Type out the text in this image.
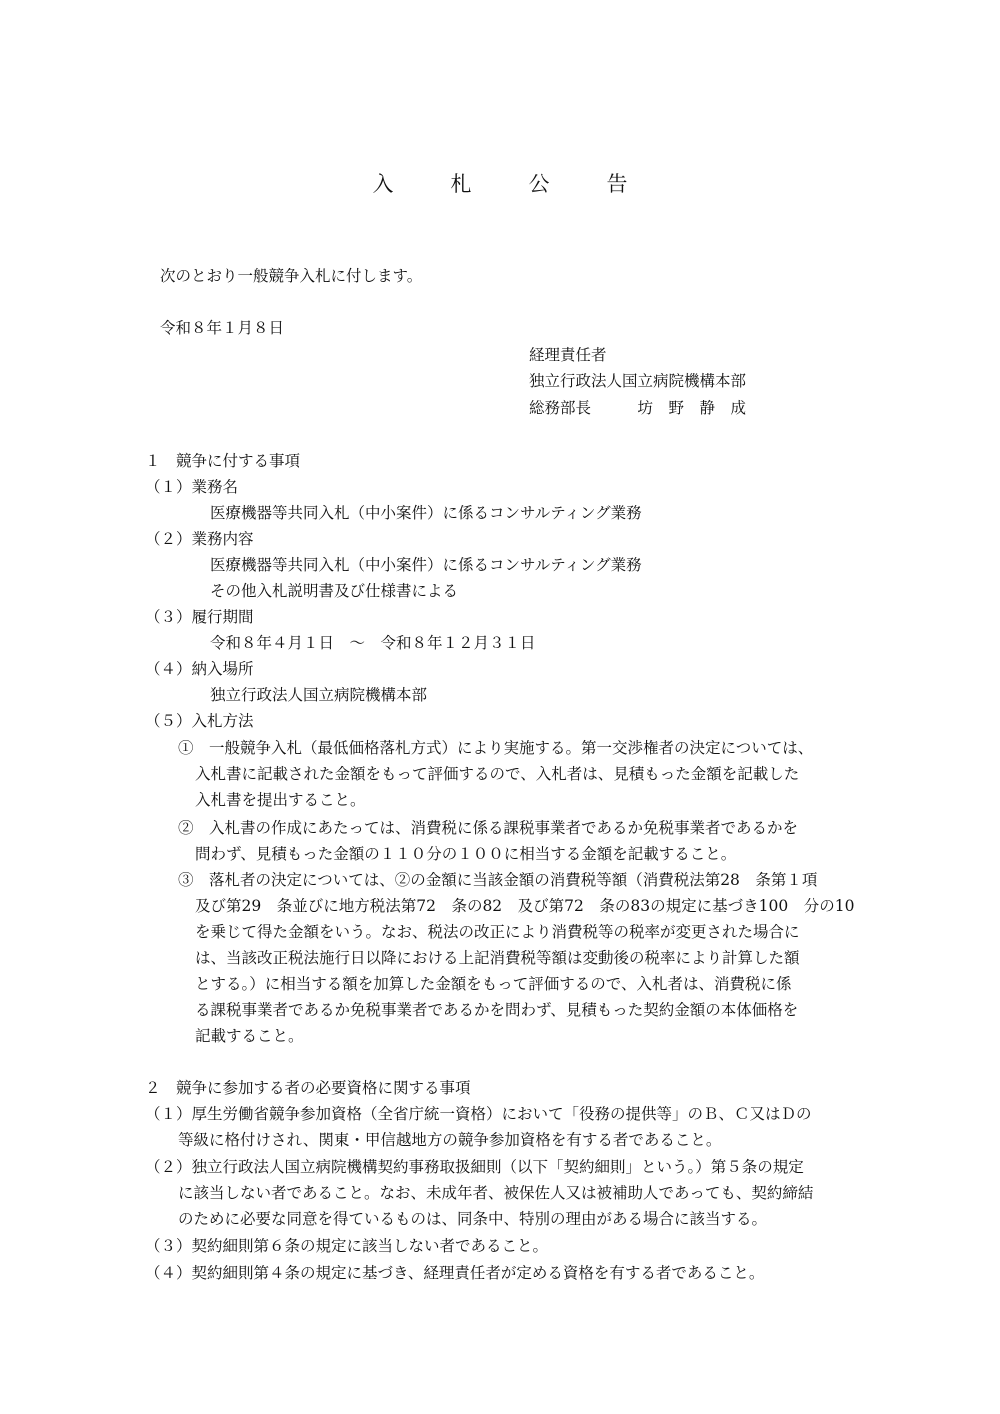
入　札　公　告
次のとおり一般競争入札に付します。
令和８年１月８日
経理責任者
独立行政法人国立病院機構本部
総務部長　　　坊　野　静　成
１　競争に付する事項
（１）業務名
医療機器等共同入札（中小案件）に係るコンサルティング業務
（２）業務内容
医療機器等共同入札（中小案件）に係るコンサルティング業務
その他入札説明書及び仕様書による
（３）履行期間
令和８年４月１日　～　令和８年１２月３１日
（４）納入場所
独立行政法人国立病院機構本部
（５）入札方法
①　一般競争入札（最低価格落札方式）により実施する。第一交渉権者の決定については、
入札書に記載された金額をもって評価するので、入札者は、見積もった金額を記載した
入札書を提出すること。
②　入札書の作成にあたっては、消費税に係る課税事業者であるか免税事業者であるかを
問わず、見積もった金額の１１０分の１００に相当する金額を記載すること。
③　落札者の決定については、②の金額に当該金額の消費税等額（消費税法第28　条第１項
及び第29　条並びに地方税法第72　条の82　及び第72　条の83の規定に基づき100　分の10
を乗じて得た金額をいう。なお、税法の改正により消費税等の税率が変更された場合に
は、当該改正税法施行日以降における上記消費税等額は変動後の税率により計算した額
とする。）に相当する額を加算した金額をもって評価するので、入札者は、消費税に係
る課税事業者であるか免税事業者であるかを問わず、見積もった契約金額の本体価格を
記載すること。
２　競争に参加する者の必要資格に関する事項
（１）厚生労働省競争参加資格（全省庁統一資格）において「役務の提供等」のＢ、Ｃ又はＤの
等級に格付けされ、関東・甲信越地方の競争参加資格を有する者であること。
（２）独立行政法人国立病院機構契約事務取扱細則（以下「契約細則」という。）第５条の規定
に該当しない者であること。なお、未成年者、被保佐人又は被補助人であっても、契約締結
のために必要な同意を得ているものは、同条中、特別の理由がある場合に該当する。
（３）契約細則第６条の規定に該当しない者であること。
（４）契約細則第４条の規定に基づき、経理責任者が定める資格を有する者であること。
